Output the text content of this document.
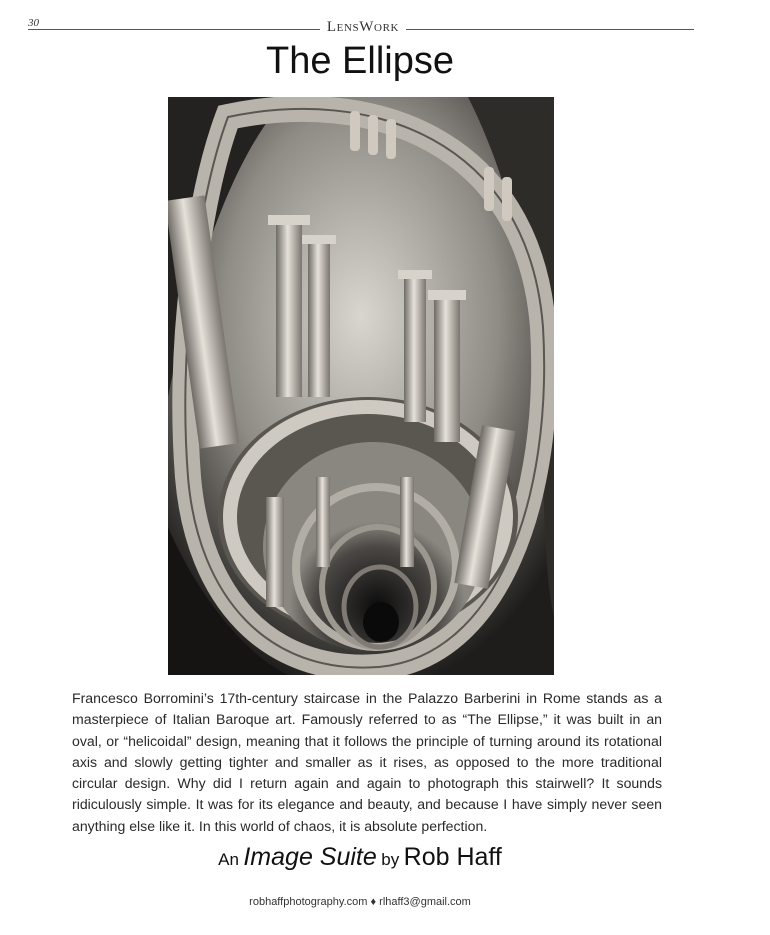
30	LensWork
The Ellipse

Francesco Borromini’s 17th-century staircase in the Palazzo Barberini in Rome stands as a masterpiece of Italian Baroque art. Famously referred to as “The Ellipse,” it was built in an oval, or “helicoidal” design, meaning that it follows the principle of turning around its rotational axis and slowly getting tighter and smaller as it rises, as opposed to the more traditional circular design. Why did I return again and again to photograph this stairwell? It sounds ridiculously simple. It was for its elegance and beauty, and because I have simply never seen anything else like it. In this world of chaos, it is absolute perfection.

An Image Suite by Rob Haff
robhaffphotography.com ♦ rlhaff3@gmail.com
